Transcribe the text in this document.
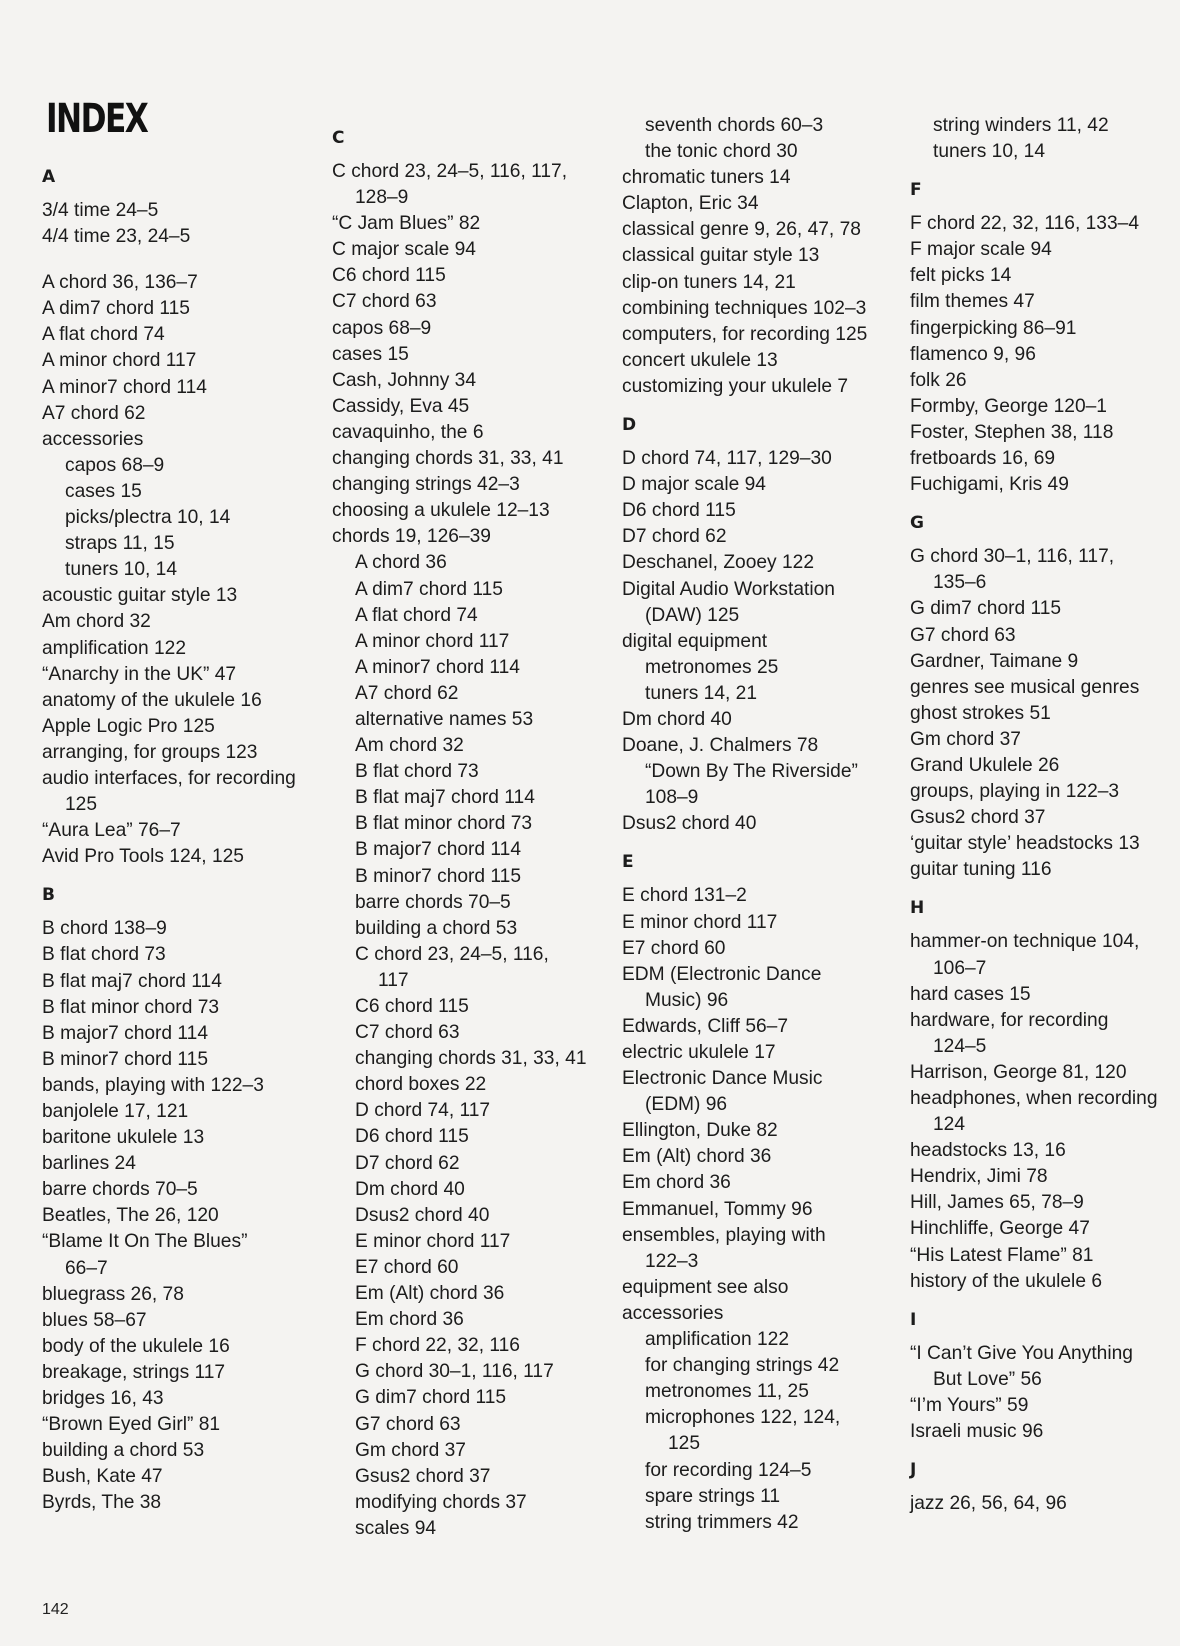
INDEX
A
3/4 time 24–5
4/4 time 23, 24–5
A chord 36, 136–7
A dim7 chord 115
A flat chord 74
A minor chord 117
A minor7 chord 114
A7 chord 62
accessories
capos 68–9
cases 15
picks/plectra 10, 14
straps 11, 15
tuners 10, 14
acoustic guitar style 13
Am chord 32
amplification 122
“Anarchy in the UK” 47
anatomy of the ukulele 16
Apple Logic Pro 125
arranging, for groups 123
audio interfaces, for recording
125
“Aura Lea” 76–7
Avid Pro Tools 124, 125
B
B chord 138–9
B flat chord 73
B flat maj7 chord 114
B flat minor chord 73
B major7 chord 114
B minor7 chord 115
bands, playing with 122–3
banjolele 17, 121
baritone ukulele 13
barlines 24
barre chords 70–5
Beatles, The 26, 120
“Blame It On The Blues”
66–7
bluegrass 26, 78
blues 58–67
body of the ukulele 16
breakage, strings 117
bridges 16, 43
“Brown Eyed Girl” 81
building a chord 53
Bush, Kate 47
Byrds, The 38
C
C chord 23, 24–5, 116, 117,
128–9
“C Jam Blues” 82
C major scale 94
C6 chord 115
C7 chord 63
capos 68–9
cases 15
Cash, Johnny 34
Cassidy, Eva 45
cavaquinho, the 6
changing chords 31, 33, 41
changing strings 42–3
choosing a ukulele 12–13
chords 19, 126–39
A chord 36
A dim7 chord 115
A flat chord 74
A minor chord 117
A minor7 chord 114
A7 chord 62
alternative names 53
Am chord 32
B flat chord 73
B flat maj7 chord 114
B flat minor chord 73
B major7 chord 114
B minor7 chord 115
barre chords 70–5
building a chord 53
C chord 23, 24–5, 116,
117
C6 chord 115
C7 chord 63
changing chords 31, 33, 41
chord boxes 22
D chord 74, 117
D6 chord 115
D7 chord 62
Dm chord 40
Dsus2 chord 40
E minor chord 117
E7 chord 60
Em (Alt) chord 36
Em chord 36
F chord 22, 32, 116
G chord 30–1, 116, 117
G dim7 chord 115
G7 chord 63
Gm chord 37
Gsus2 chord 37
modifying chords 37
scales 94
seventh chords 60–3
the tonic chord 30
chromatic tuners 14
Clapton, Eric 34
classical genre 9, 26, 47, 78
classical guitar style 13
clip-on tuners 14, 21
combining techniques 102–3
computers, for recording 125
concert ukulele 13
customizing your ukulele 7
D
D chord 74, 117, 129–30
D major scale 94
D6 chord 115
D7 chord 62
Deschanel, Zooey 122
Digital Audio Workstation
(DAW) 125
digital equipment
metronomes 25
tuners 14, 21
Dm chord 40
Doane, J. Chalmers 78
“Down By The Riverside”
108–9
Dsus2 chord 40
E
E chord 131–2
E minor chord 117
E7 chord 60
EDM (Electronic Dance
Music) 96
Edwards, Cliff 56–7
electric ukulele 17
Electronic Dance Music
(EDM) 96
Ellington, Duke 82
Em (Alt) chord 36
Em chord 36
Emmanuel, Tommy 96
ensembles, playing with
122–3
equipment see also
accessories
amplification 122
for changing strings 42
metronomes 11, 25
microphones 122, 124,
125
for recording 124–5
spare strings 11
string trimmers 42
string winders 11, 42
tuners 10, 14
F
F chord 22, 32, 116, 133–4
F major scale 94
felt picks 14
film themes 47
fingerpicking 86–91
flamenco 9, 96
folk 26
Formby, George 120–1
Foster, Stephen 38, 118
fretboards 16, 69
Fuchigami, Kris 49
G
G chord 30–1, 116, 117,
135–6
G dim7 chord 115
G7 chord 63
Gardner, Taimane 9
genres see musical genres
ghost strokes 51
Gm chord 37
Grand Ukulele 26
groups, playing in 122–3
Gsus2 chord 37
‘guitar style’ headstocks 13
guitar tuning 116
H
hammer-on technique 104,
106–7
hard cases 15
hardware, for recording
124–5
Harrison, George 81, 120
headphones, when recording
124
headstocks 13, 16
Hendrix, Jimi 78
Hill, James 65, 78–9
Hinchliffe, George 47
“His Latest Flame” 81
history of the ukulele 6
I
“I Can’t Give You Anything
But Love” 56
“I’m Yours” 59
Israeli music 96
J
jazz 26, 56, 64, 96
142
